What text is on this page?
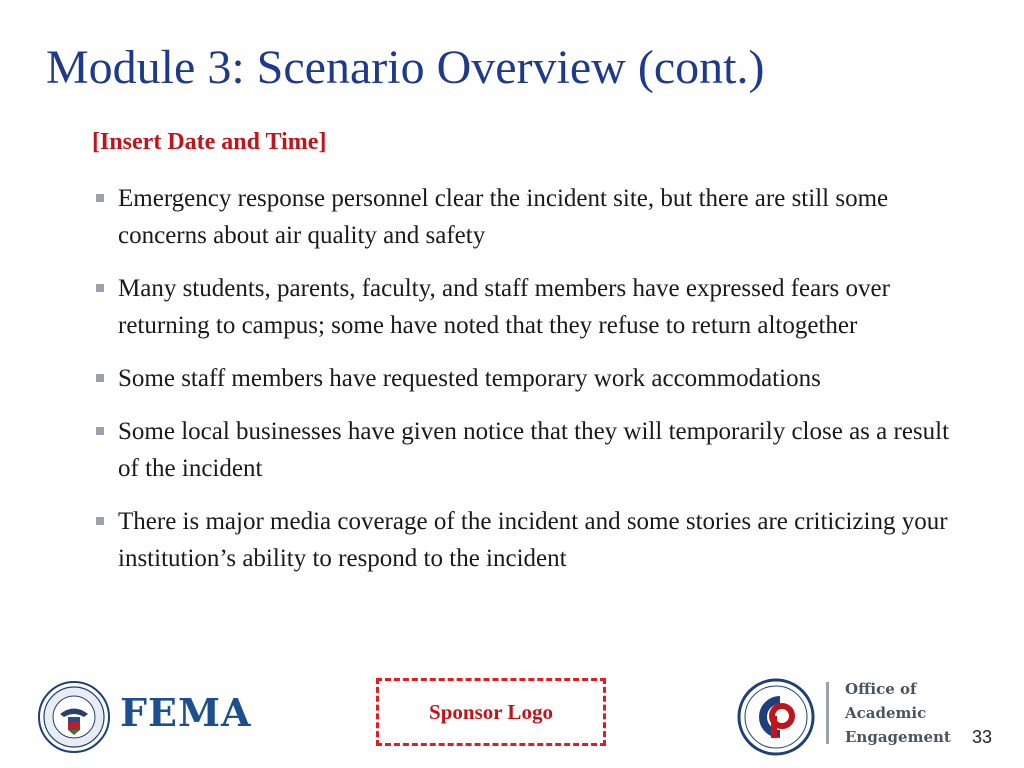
Module 3: Scenario Overview (cont.)
[Insert Date and Time]
Emergency response personnel clear the incident site, but there are still some concerns about air quality and safety
Many students, parents, faculty, and staff members have expressed fears over returning to campus; some have noted that they refuse to return altogether
Some staff members have requested temporary work accommodations
Some local businesses have given notice that they will temporarily close as a result of the incident
There is major media coverage of the incident and some stories are criticizing your institution’s ability to respond to the incident
FEMA	Sponsor Logo
Office of
Academic
Engagement 33
